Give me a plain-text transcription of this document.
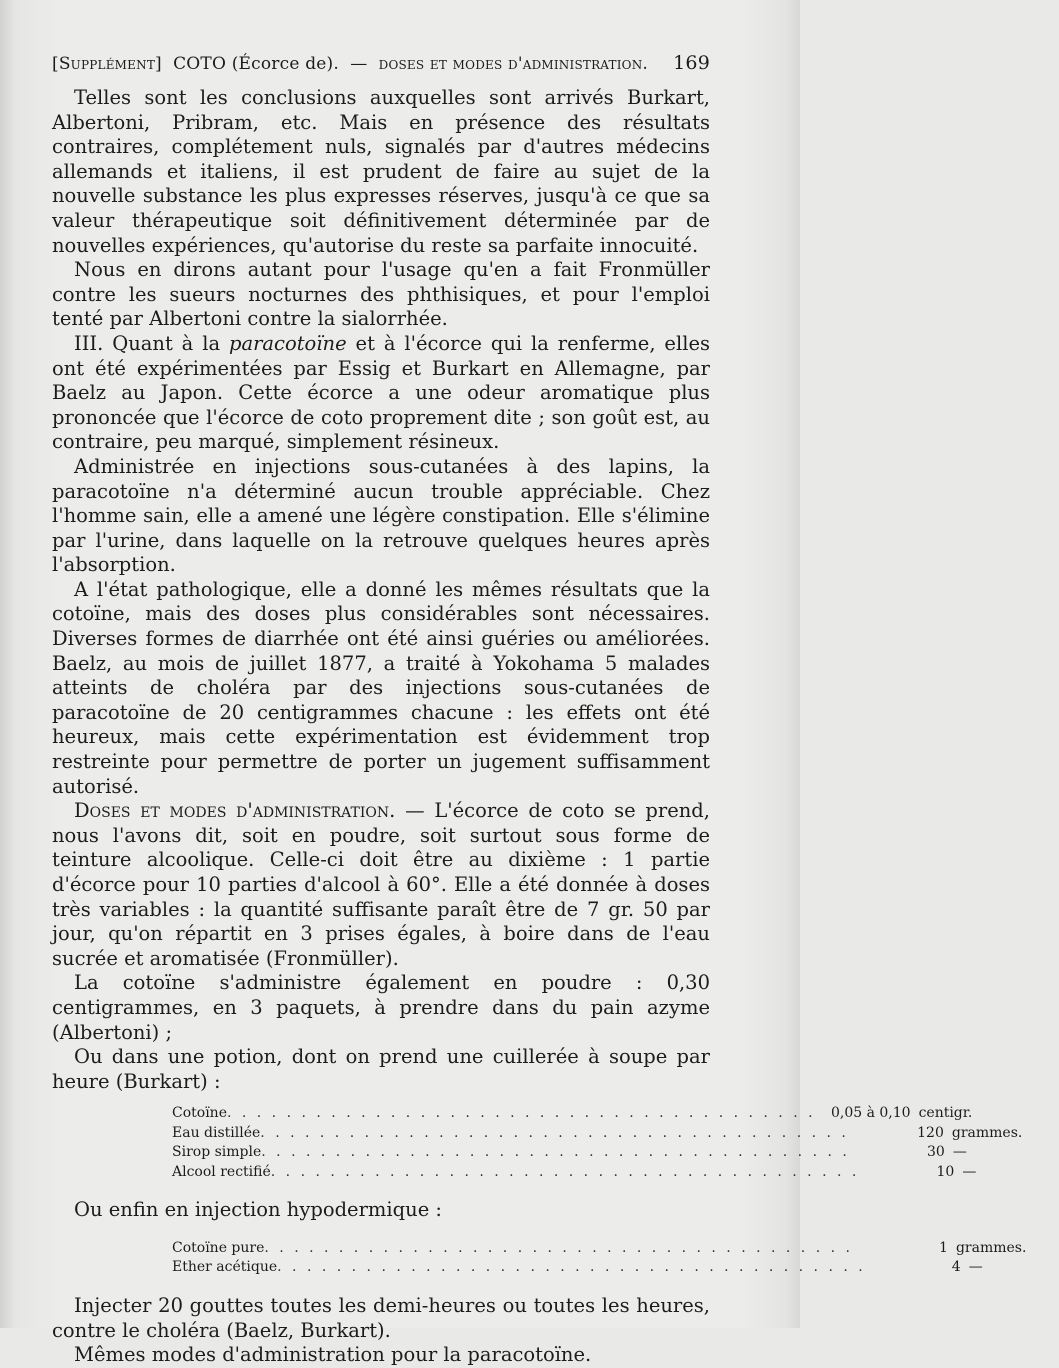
[Supplément] COTO (Écorce de). — doses et modes d'administration. 169

Telles sont les conclusions auxquelles sont arrivés Burkart, Albertoni, Pribram, etc. Mais en présence des résultats contraires, complétement nuls, signalés par d'autres médecins allemands et italiens, il est prudent de faire au sujet de la nouvelle substance les plus expresses réserves, jusqu'à ce que sa valeur thérapeutique soit définitivement déterminée par de nouvelles expériences, qu'autorise du reste sa parfaite innocuité.

Nous en dirons autant pour l'usage qu'en a fait Fronmüller contre les sueurs nocturnes des phthisiques, et pour l'emploi tenté par Albertoni contre la sialorrhée.

III. Quant à la paracotoïne et à l'écorce qui la renferme, elles ont été expérimentées par Essig et Burkart en Allemagne, par Baelz au Japon. Cette écorce a une odeur aromatique plus prononcée que l'écorce de coto proprement dite ; son goût est, au contraire, peu marqué, simplement résineux.

Administrée en injections sous-cutanées à des lapins, la paracotoïne n'a déterminé aucun trouble appréciable. Chez l'homme sain, elle a amené une légère constipation. Elle s'élimine par l'urine, dans laquelle on la retrouve quelques heures après l'absorption.

A l'état pathologique, elle a donné les mêmes résultats que la cotoïne, mais des doses plus considérables sont nécessaires. Diverses formes de diarrhée ont été ainsi guéries ou améliorées. Baelz, au mois de juillet 1877, a traité à Yokohama 5 malades atteints de choléra par des injections sous-cutanées de paracotoïne de 20 centigrammes chacune : les effets ont été heureux, mais cette expérimentation est évidemment trop restreinte pour permettre de porter un jugement suffisamment autorisé.

Doses et modes d'administration. — L'écorce de coto se prend, nous l'avons dit, soit en poudre, soit surtout sous forme de teinture alcoolique. Celle-ci doit être au dixième : 1 partie d'écorce pour 10 parties d'alcool à 60°. Elle a été donnée à doses très variables : la quantité suffisante paraît être de 7 gr. 50 par jour, qu'on répartit en 3 prises égales, à boire dans de l'eau sucrée et aromatisée (Fronmüller).

La cotoïne s'administre également en poudre : 0,30 centigrammes, en 3 paquets, à prendre dans du pain azyme (Albertoni) ;

Ou dans une potion, dont on prend une cuillerée à soupe par heure (Burkart) :

Cotoïne . . .	0,05 à 0,10 centigr.
Eau distillée . . .	120 grammes.
Sirop simple . . .	30 —
Alcool rectifié . . .	10 —

Ou enfin en injection hypodermique :

Cotoïne pure . . .	1 grammes.
Ether acétique . . .	4 —

Injecter 20 gouttes toutes les demi-heures ou toutes les heures, contre le choléra (Baelz, Burkart).

Mêmes modes d'administration pour la paracotoïne.
